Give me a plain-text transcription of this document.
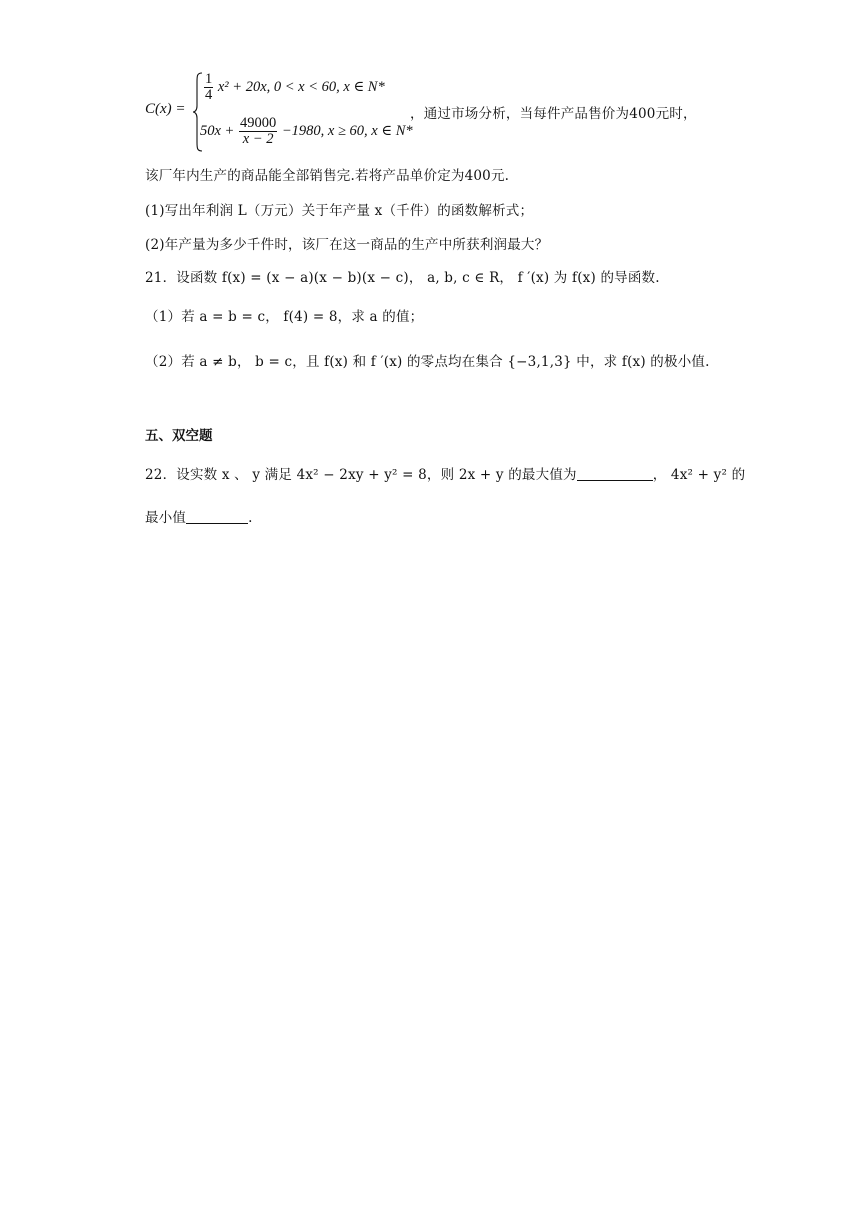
C(x) =
$\frac{1}{4} x^2 + 20x$, 0 < x < 60, x ∈ N*
$50x + \frac{49000}{x - 2} -1980$, x ≥ 60, x ∈ N*
，通过市场分析，当每件产品售价为400元时，
该厂年内生产的商品能全部销售完.若将产品单价定为400元.
(1)写出年利润 L（万元）关于年产量 x（千件）的函数解析式；
(2)年产量为多少千件时，该厂在这一商品的生产中所获利润最大？
21．设函数 f(x) = (x − a)(x − b)(x − c)， a, b, c ∈ R， f ′(x) 为 f(x) 的导函数.
（1）若 a = b = c， f(4) = 8，求 a 的值；
（2）若 a ≠ b， b = c，且 f(x) 和 f ′(x) 的零点均在集合 {−3,1,3} 中，求 f(x) 的极小值.
五、双空题
22．设实数 x 、 y 满足 4x² − 2xy + y² = 8，则 2x + y 的最大值为	， 4x² + y² 的
最小值	.
